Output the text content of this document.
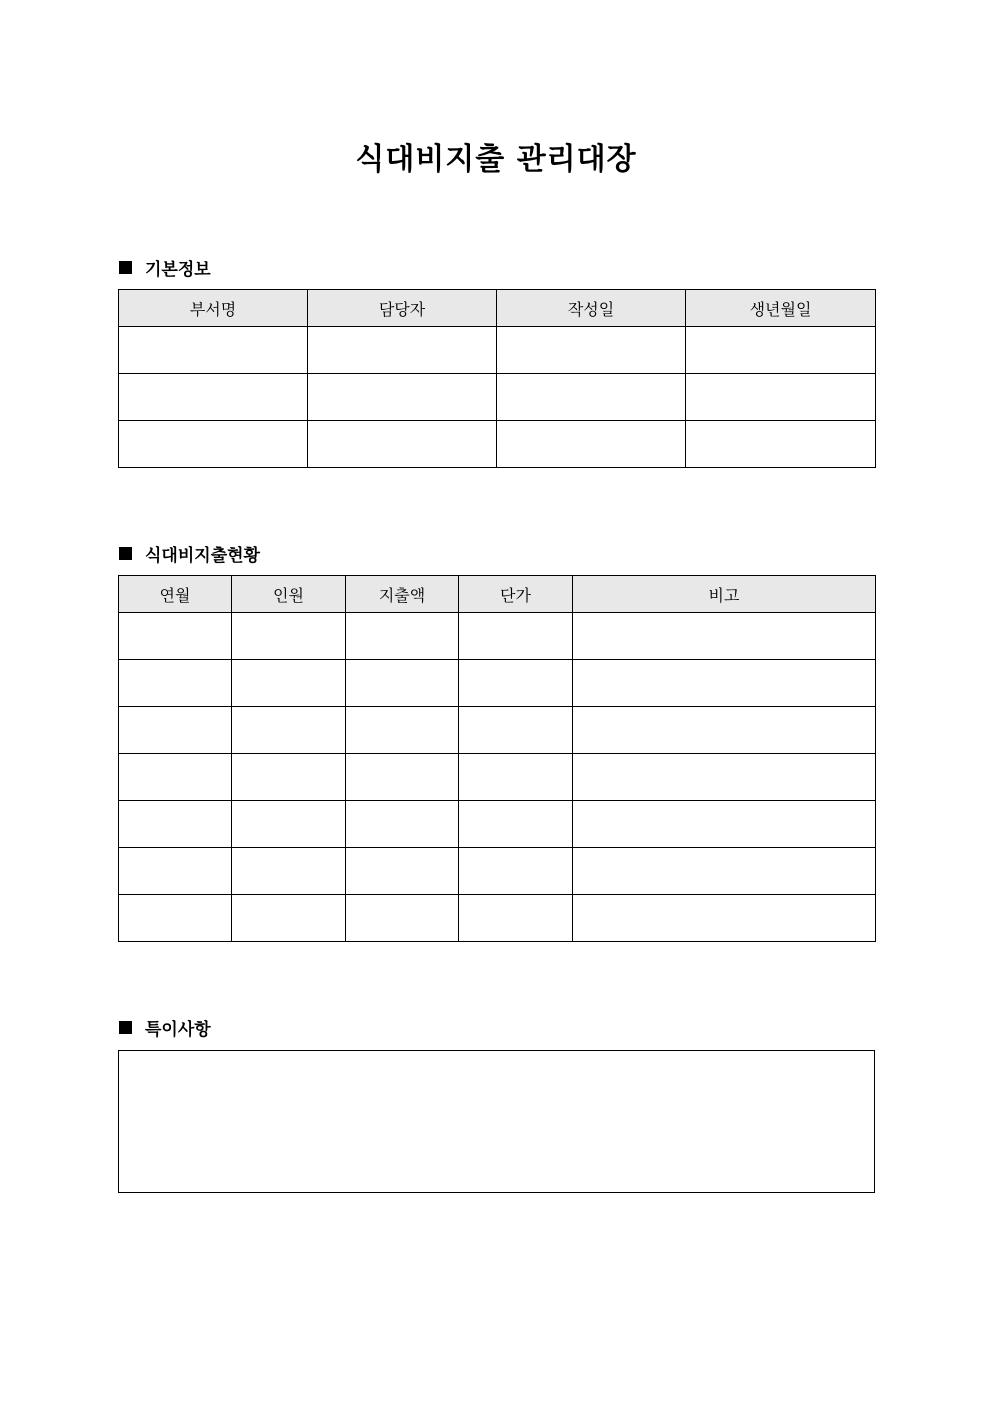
식대비지출 관리대장
기본정보
부서명	담당자	작성일	생년월일

식대비지출현황
연월	인원	지출액	단가	비고

특이사항
